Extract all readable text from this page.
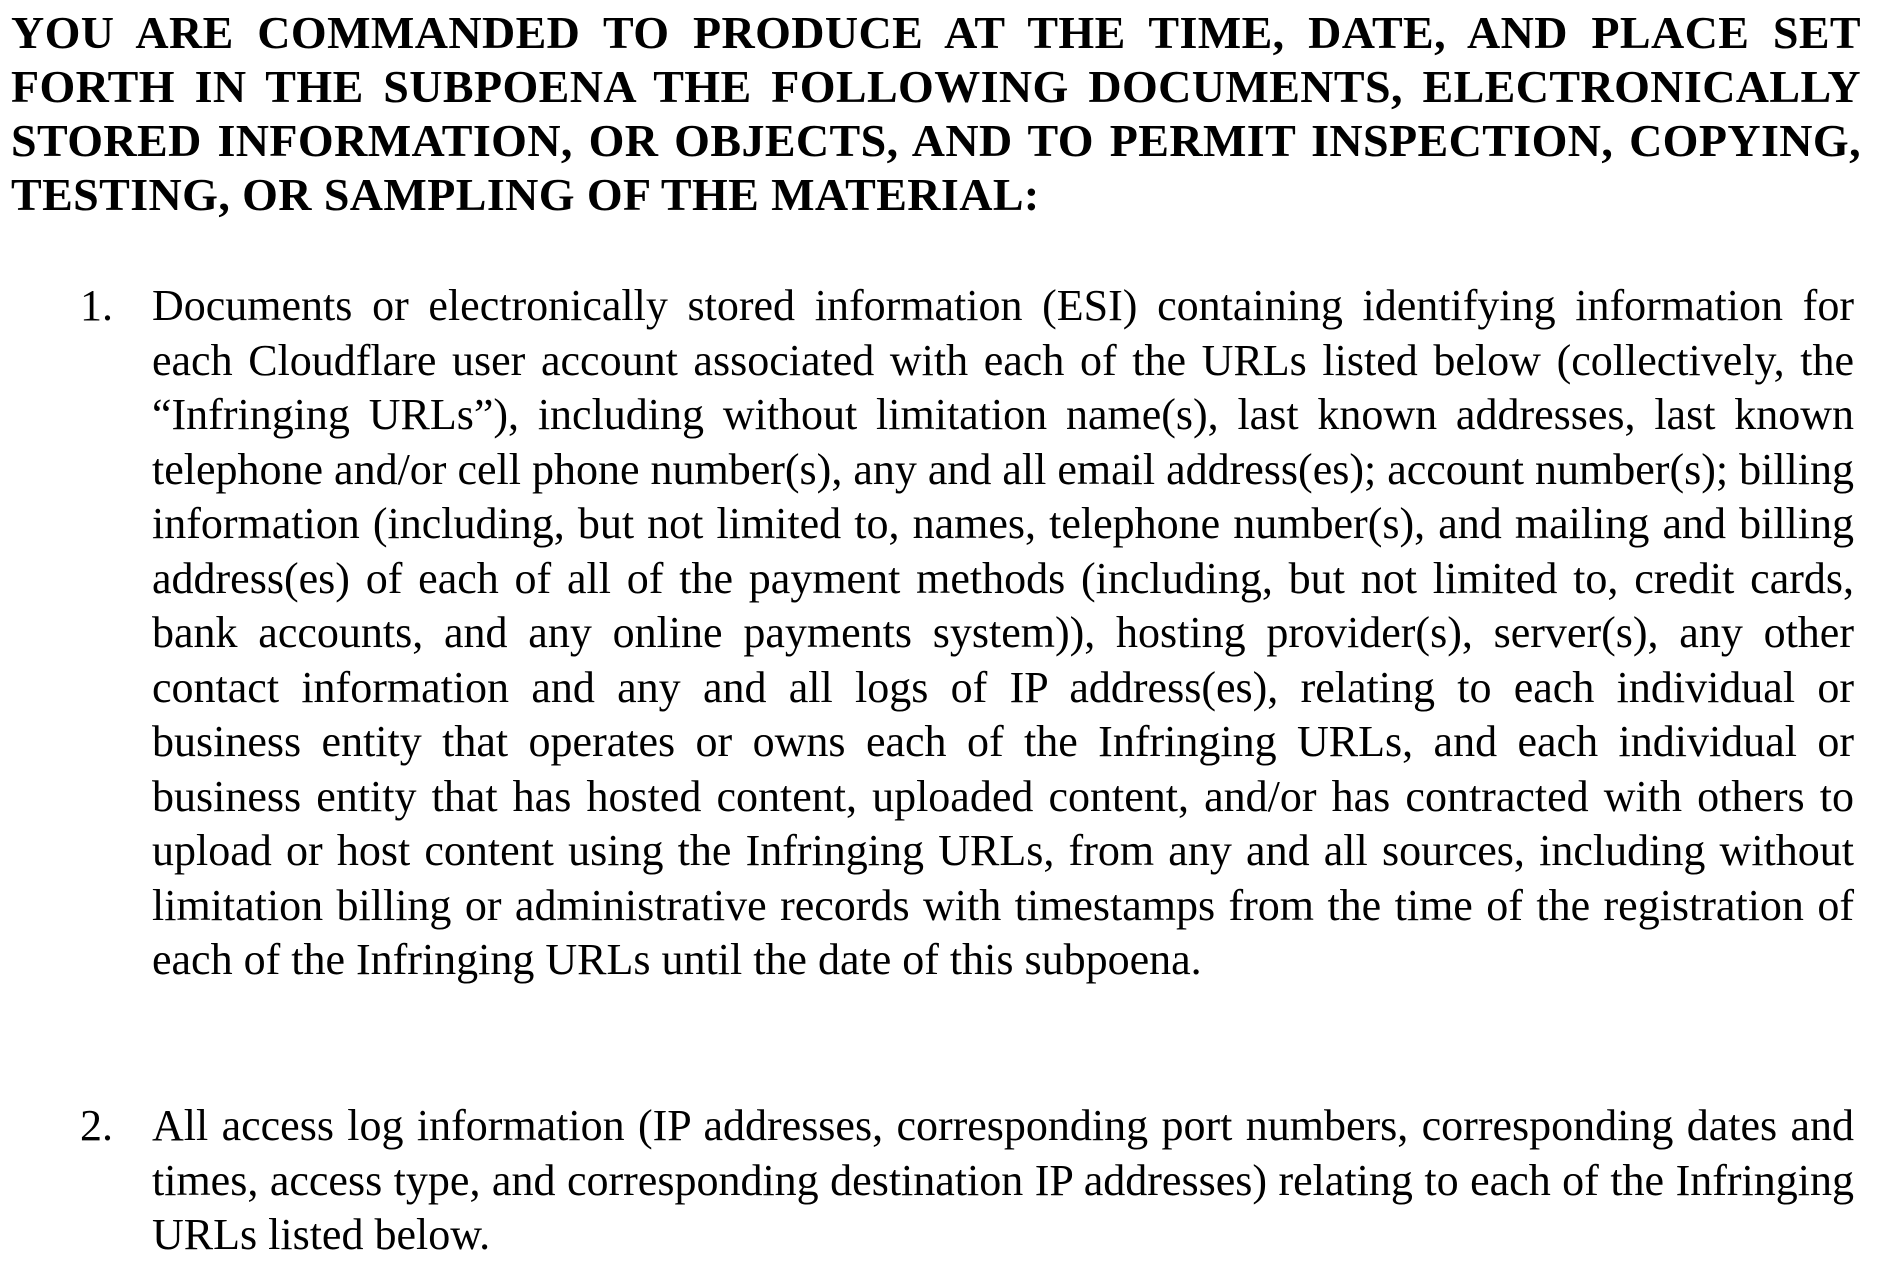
YOU ARE COMMANDED TO PRODUCE AT THE TIME, DATE, AND PLACE SET FORTH IN THE SUBPOENA THE FOLLOWING DOCUMENTS, ELECTRONICALLY STORED INFORMATION, OR OBJECTS, AND TO PERMIT INSPECTION, COPYING, TESTING, OR SAMPLING OF THE MATERIAL:
1. Documents or electronically stored information (ESI) containing identifying information for each Cloudflare user account associated with each of the URLs listed below (collectively, the “Infringing URLs”), including without limitation name(s), last known addresses, last known telephone and/or cell phone number(s), any and all email address(es); account number(s); billing information (including, but not limited to, names, telephone number(s), and mailing and billing address(es) of each of all of the payment methods (including, but not limited to, credit cards, bank accounts, and any online payments system)), hosting provider(s), server(s), any other contact information and any and all logs of IP address(es), relating to each individual or business entity that operates or owns each of the Infringing URLs, and each individual or business entity that has hosted content, uploaded content, and/or has contracted with others to upload or host content using the Infringing URLs, from any and all sources, including without limitation billing or administrative records with timestamps from the time of the registration of each of the Infringing URLs until the date of this subpoena.
2. All access log information (IP addresses, corresponding port numbers, corresponding dates and times, access type, and corresponding destination IP addresses) relating to each of the Infringing URLs listed below.
